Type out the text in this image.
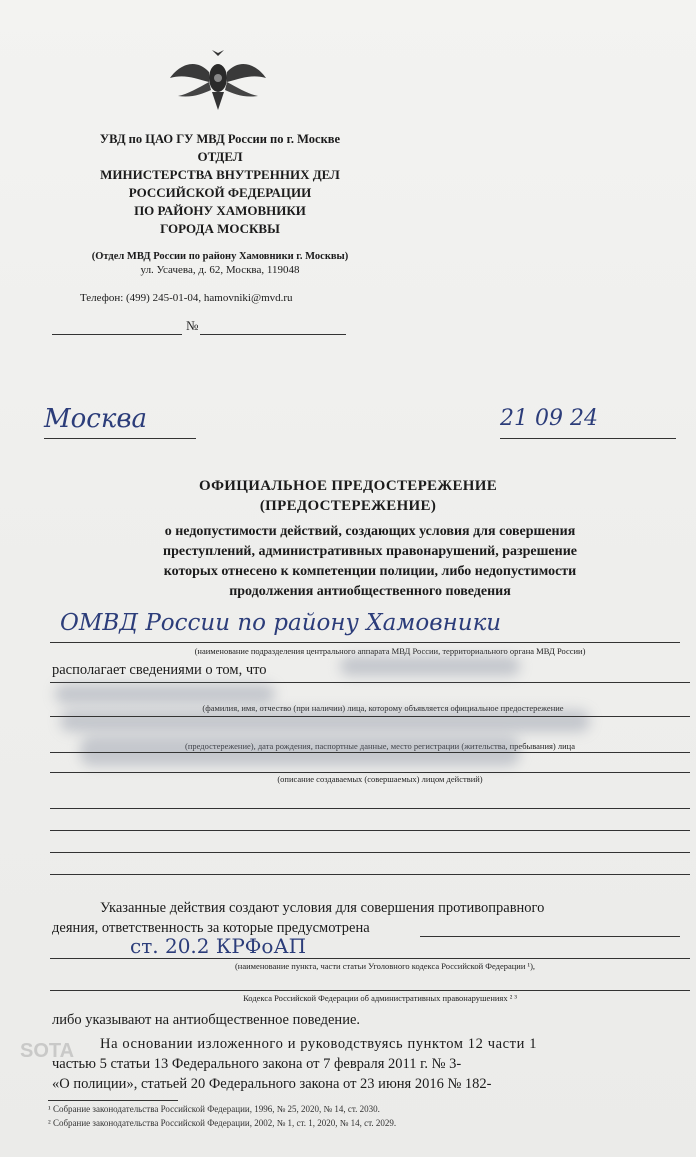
УВД по ЦАО ГУ МВД России по г. Москве
ОТДЕЛ
МИНИСТЕРСТВА ВНУТРЕННИХ ДЕЛ
РОССИЙСКОЙ ФЕДЕРАЦИИ
ПО РАЙОНУ ХАМОВНИКИ
ГОРОДА МОСКВЫ
(Отдел МВД России по району Хамовники г. Москвы)
ул. Усачева, д. 62, Москва, 119048
Телефон: (499) 245-01-04, hamovniki@mvd.ru
№
Москва	21 09 24
ОФИЦИАЛЬНОЕ ПРЕДОСТЕРЕЖЕНИЕ
(ПРЕДОСТЕРЕЖЕНИЕ)
о недопустимости действий, создающих условия для совершения
преступлений, административных правонарушений, разрешение
которых отнесено к компетенции полиции, либо недопустимости
продолжения антиобщественного поведения
ОМВД России по району Хамовники
(наименование подразделения центрального аппарата МВД России, территориального органа МВД России)
располагает сведениями о том, что
(фамилия, имя, отчество (при наличии) лица, которому объявляется официальное предостережение
(предостережение), дата рождения, паспортные данные, место регистрации (жительства, пребывания) лица
(описание создаваемых (совершаемых) лицом действий)
Указанные действия создают условия для совершения противоправного
деяния, ответственность за которые предусмотрена
ст. 20.2 КРФоАП
(наименование пункта, части статьи Уголовного кодекса Российской Федерации ¹),
Кодекса Российской Федерации об административных правонарушениях ² ³
либо указывают на антиобщественное поведение.
На основании изложенного и руководствуясь пунктом 12 части 1
частью 5 статьи 13 Федерального закона от 7 февраля 2011 г. № 3-
«О полиции», статьей 20 Федерального закона от 23 июня 2016 № 182-
¹ Собрание законодательства Российской Федерации, 1996, № 25, 2020, № 14, ст. 2030.
² Собрание законодательства Российской Федерации, 2002, № 1, ст. 1, 2020, № 14, ст. 2029.
SOTA
